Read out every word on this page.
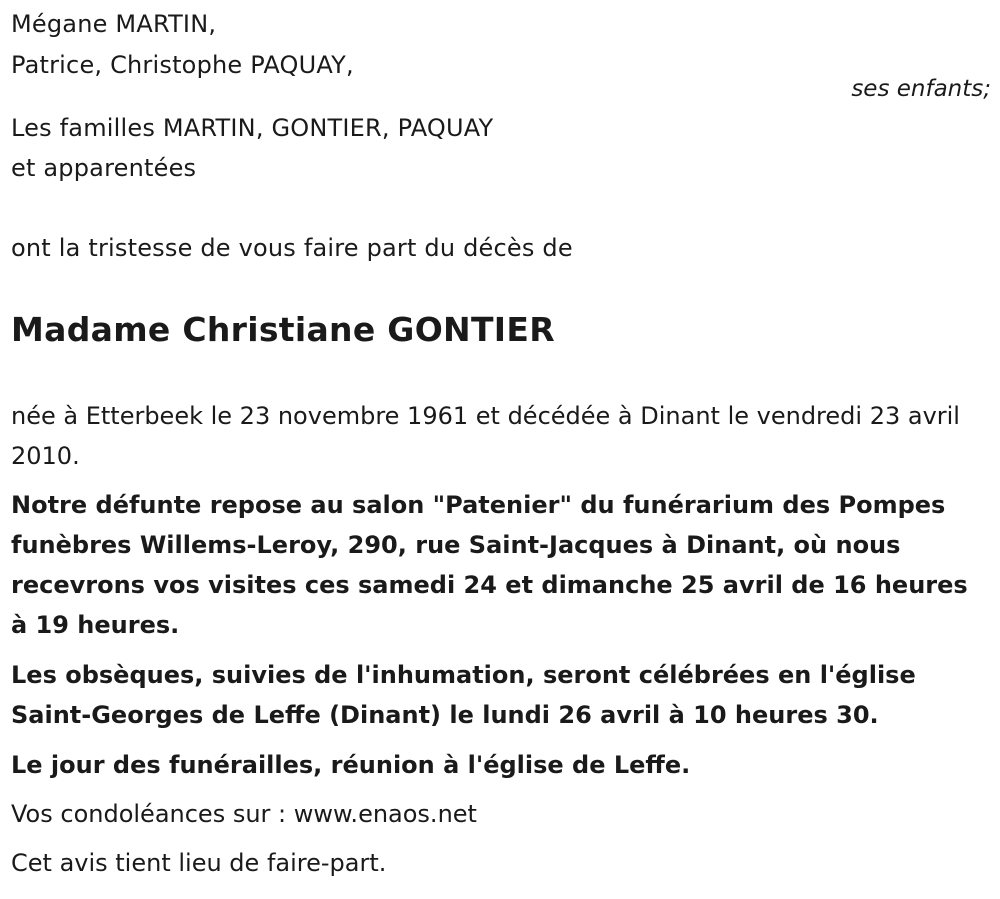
Mégane MARTIN,
Patrice, Christophe PAQUAY,
ses enfants;
Les familles MARTIN, GONTIER, PAQUAY
et apparentées
ont la tristesse de vous faire part du décès de
Madame Christiane GONTIER
née à Etterbeek le 23 novembre 1961 et décédée à Dinant le vendredi 23 avril 2010.
Notre défunte repose au salon "Patenier" du funérarium des Pompes funèbres Willems-Leroy, 290, rue Saint-Jacques à Dinant, où nous recevrons vos visites ces samedi 24 et dimanche 25 avril de 16 heures à 19 heures.
Les obsèques, suivies de l'inhumation, seront célébrées en l'église Saint-Georges de Leffe (Dinant) le lundi 26 avril à 10 heures 30.
Le jour des funérailles, réunion à l'église de Leffe.
Vos condoléances sur : www.enaos.net
Cet avis tient lieu de faire-part.
